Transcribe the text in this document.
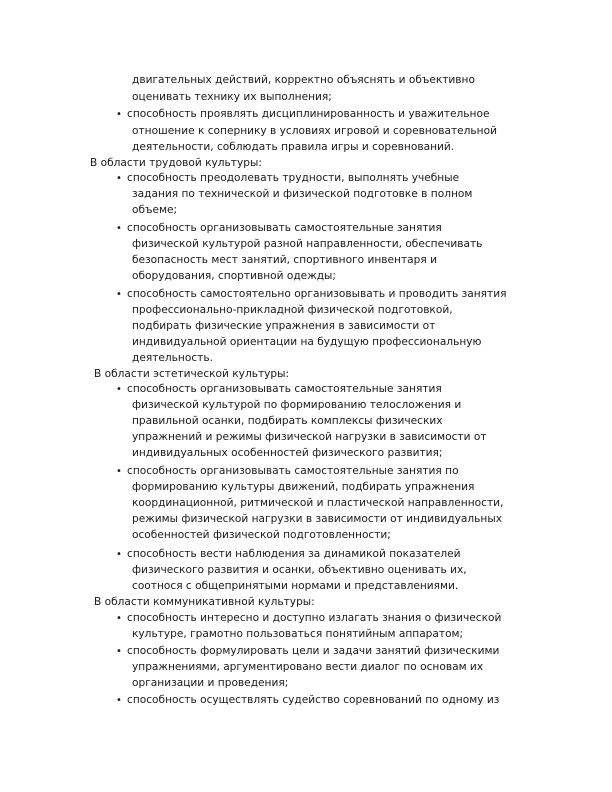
двигательных действий, корректно объяснять и объективно
оценивать технику их выполнения;
• способность проявлять дисциплинированность и уважительное
отношение к сопернику в условиях игровой и соревновательной
деятельности, соблюдать правила игры и соревнований.
В области трудовой культуры:
• способность преодолевать трудности, выполнять учебные
задания по технической и физической подготовке в полном
объеме;
• способность организовывать самостоятельные занятия
физической культурой разной направленности, обеспечивать
безопасность мест занятий, спортивного инвентаря и
оборудования, спортивной одежды;
• способность самостоятельно организовывать и проводить занятия
профессионально-прикладной физической подготовкой,
подбирать физические упражнения в зависимости от
индивидуальной ориентации на будущую профессиональную
деятельность.
В области эстетической культуры:
• способность организовывать самостоятельные занятия
физической культурой по формированию телосложения и
правильной осанки, подбирать комплексы физических
упражнений и режимы физической нагрузки в зависимости от
индивидуальных особенностей физического развития;
• способность организовывать самостоятельные занятия по
формированию культуры движений, подбирать упражнения
координационной, ритмической и пластической направленности,
режимы физической нагрузки в зависимости от индивидуальных
особенностей физической подготовленности;
• способность вести наблюдения за динамикой показателей
физического развития и осанки, объективно оценивать их,
соотнося с общепринятыми нормами и представлениями.
В области коммуникативной культуры:
• способность интересно и доступно излагать знания о физической
культуре, грамотно пользоваться понятийным аппаратом;
• способность формулировать цели и задачи занятий физическими
упражнениями, аргументировано вести диалог по основам их
организации и проведения;
• способность осуществлять судейство соревнований по одному из
